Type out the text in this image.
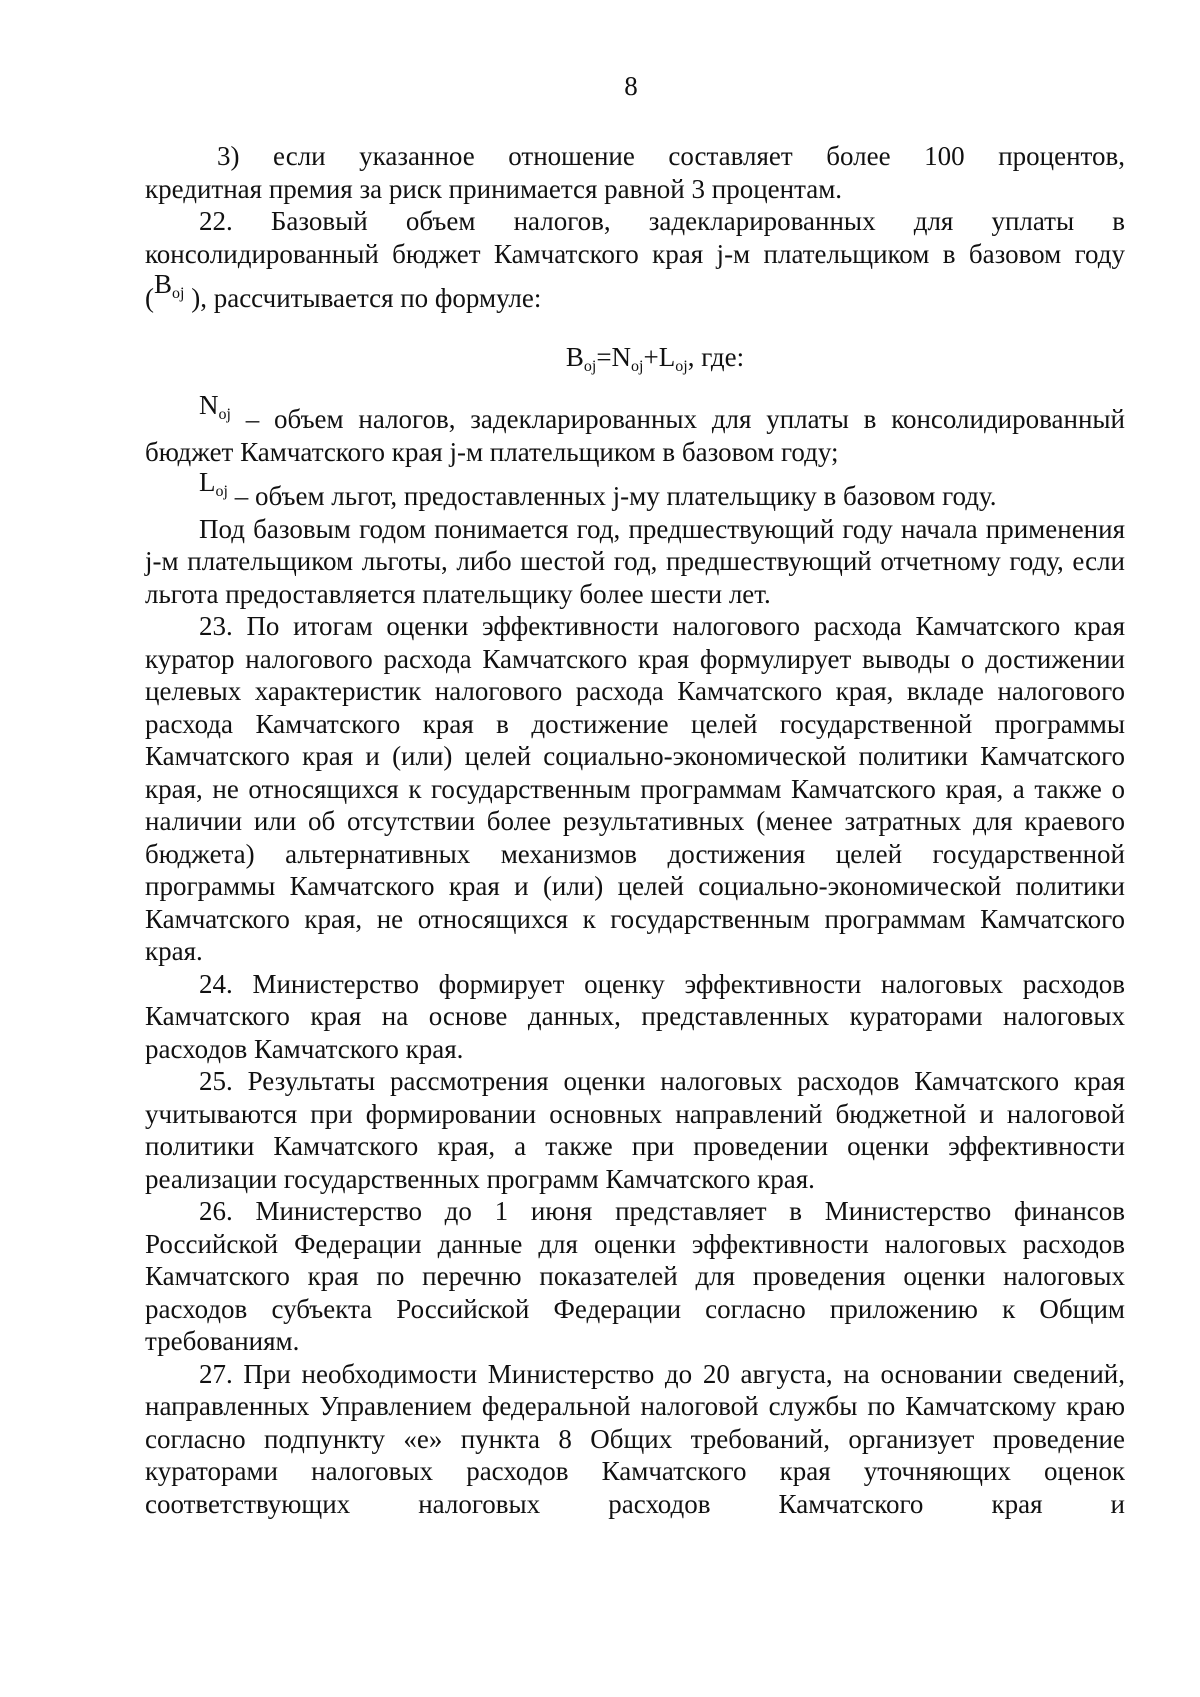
8

3) если указанное отношение составляет более 100 процентов,

кредитная премия за риск принимается равной 3 процентам.

22. Базовый объем налогов, задекларированных для уплаты в

консолидированный бюджет Камчатского края j-м плательщиком в базовом году

($B_{oj}$ ), рассчитывается по формуле:

$B_{oj}=N_{oj}+L_{oj}$, где:

$N_{oj}$ – объем налогов, задекларированных для уплаты в консолидированный

бюджет Камчатского края j-м плательщиком в базовом году;

$L_{oj}$ – объем льгот, предоставленных j-му плательщику в базовом году.

Под базовым годом понимается год, предшествующий году начала применения j-м плательщиком льготы, либо шестой год, предшествующий отчетному году, если льгота предоставляется плательщику более шести лет.

23. По итогам оценки эффективности налогового расхода Камчатского края куратор налогового расхода Камчатского края формулирует выводы о достижении целевых характеристик налогового расхода Камчатского края, вкладе налогового расхода Камчатского края в достижение целей государственной программы Камчатского края и (или) целей социально-экономической политики Камчатского края, не относящихся к государственным программам Камчатского края, а также о наличии или об отсутствии более результативных (менее затратных для краевого бюджета) альтернативных механизмов достижения целей государственной программы Камчатского края и (или) целей социально-экономической политики Камчатского края, не относящихся к государственным программам Камчатского края.

24. Министерство формирует оценку эффективности налоговых расходов Камчатского края на основе данных, представленных кураторами налоговых расходов Камчатского края.

25. Результаты рассмотрения оценки налоговых расходов Камчатского края учитываются при формировании основных направлений бюджетной и налоговой политики Камчатского края, а также при проведении оценки эффективности реализации государственных программ Камчатского края.

26. Министерство до 1 июня представляет в Министерство финансов Российской Федерации данные для оценки эффективности налоговых расходов Камчатского края по перечню показателей для проведения оценки налоговых расходов субъекта Российской Федерации согласно приложению к Общим требованиям.

27. При необходимости Министерство до 20 августа, на основании сведений, направленных Управлением федеральной налоговой службы по Камчатскому краю согласно подпункту «е» пункта 8 Общих требований, организует проведение кураторами налоговых расходов Камчатского края уточняющих оценок соответствующих налоговых расходов Камчатского края и
